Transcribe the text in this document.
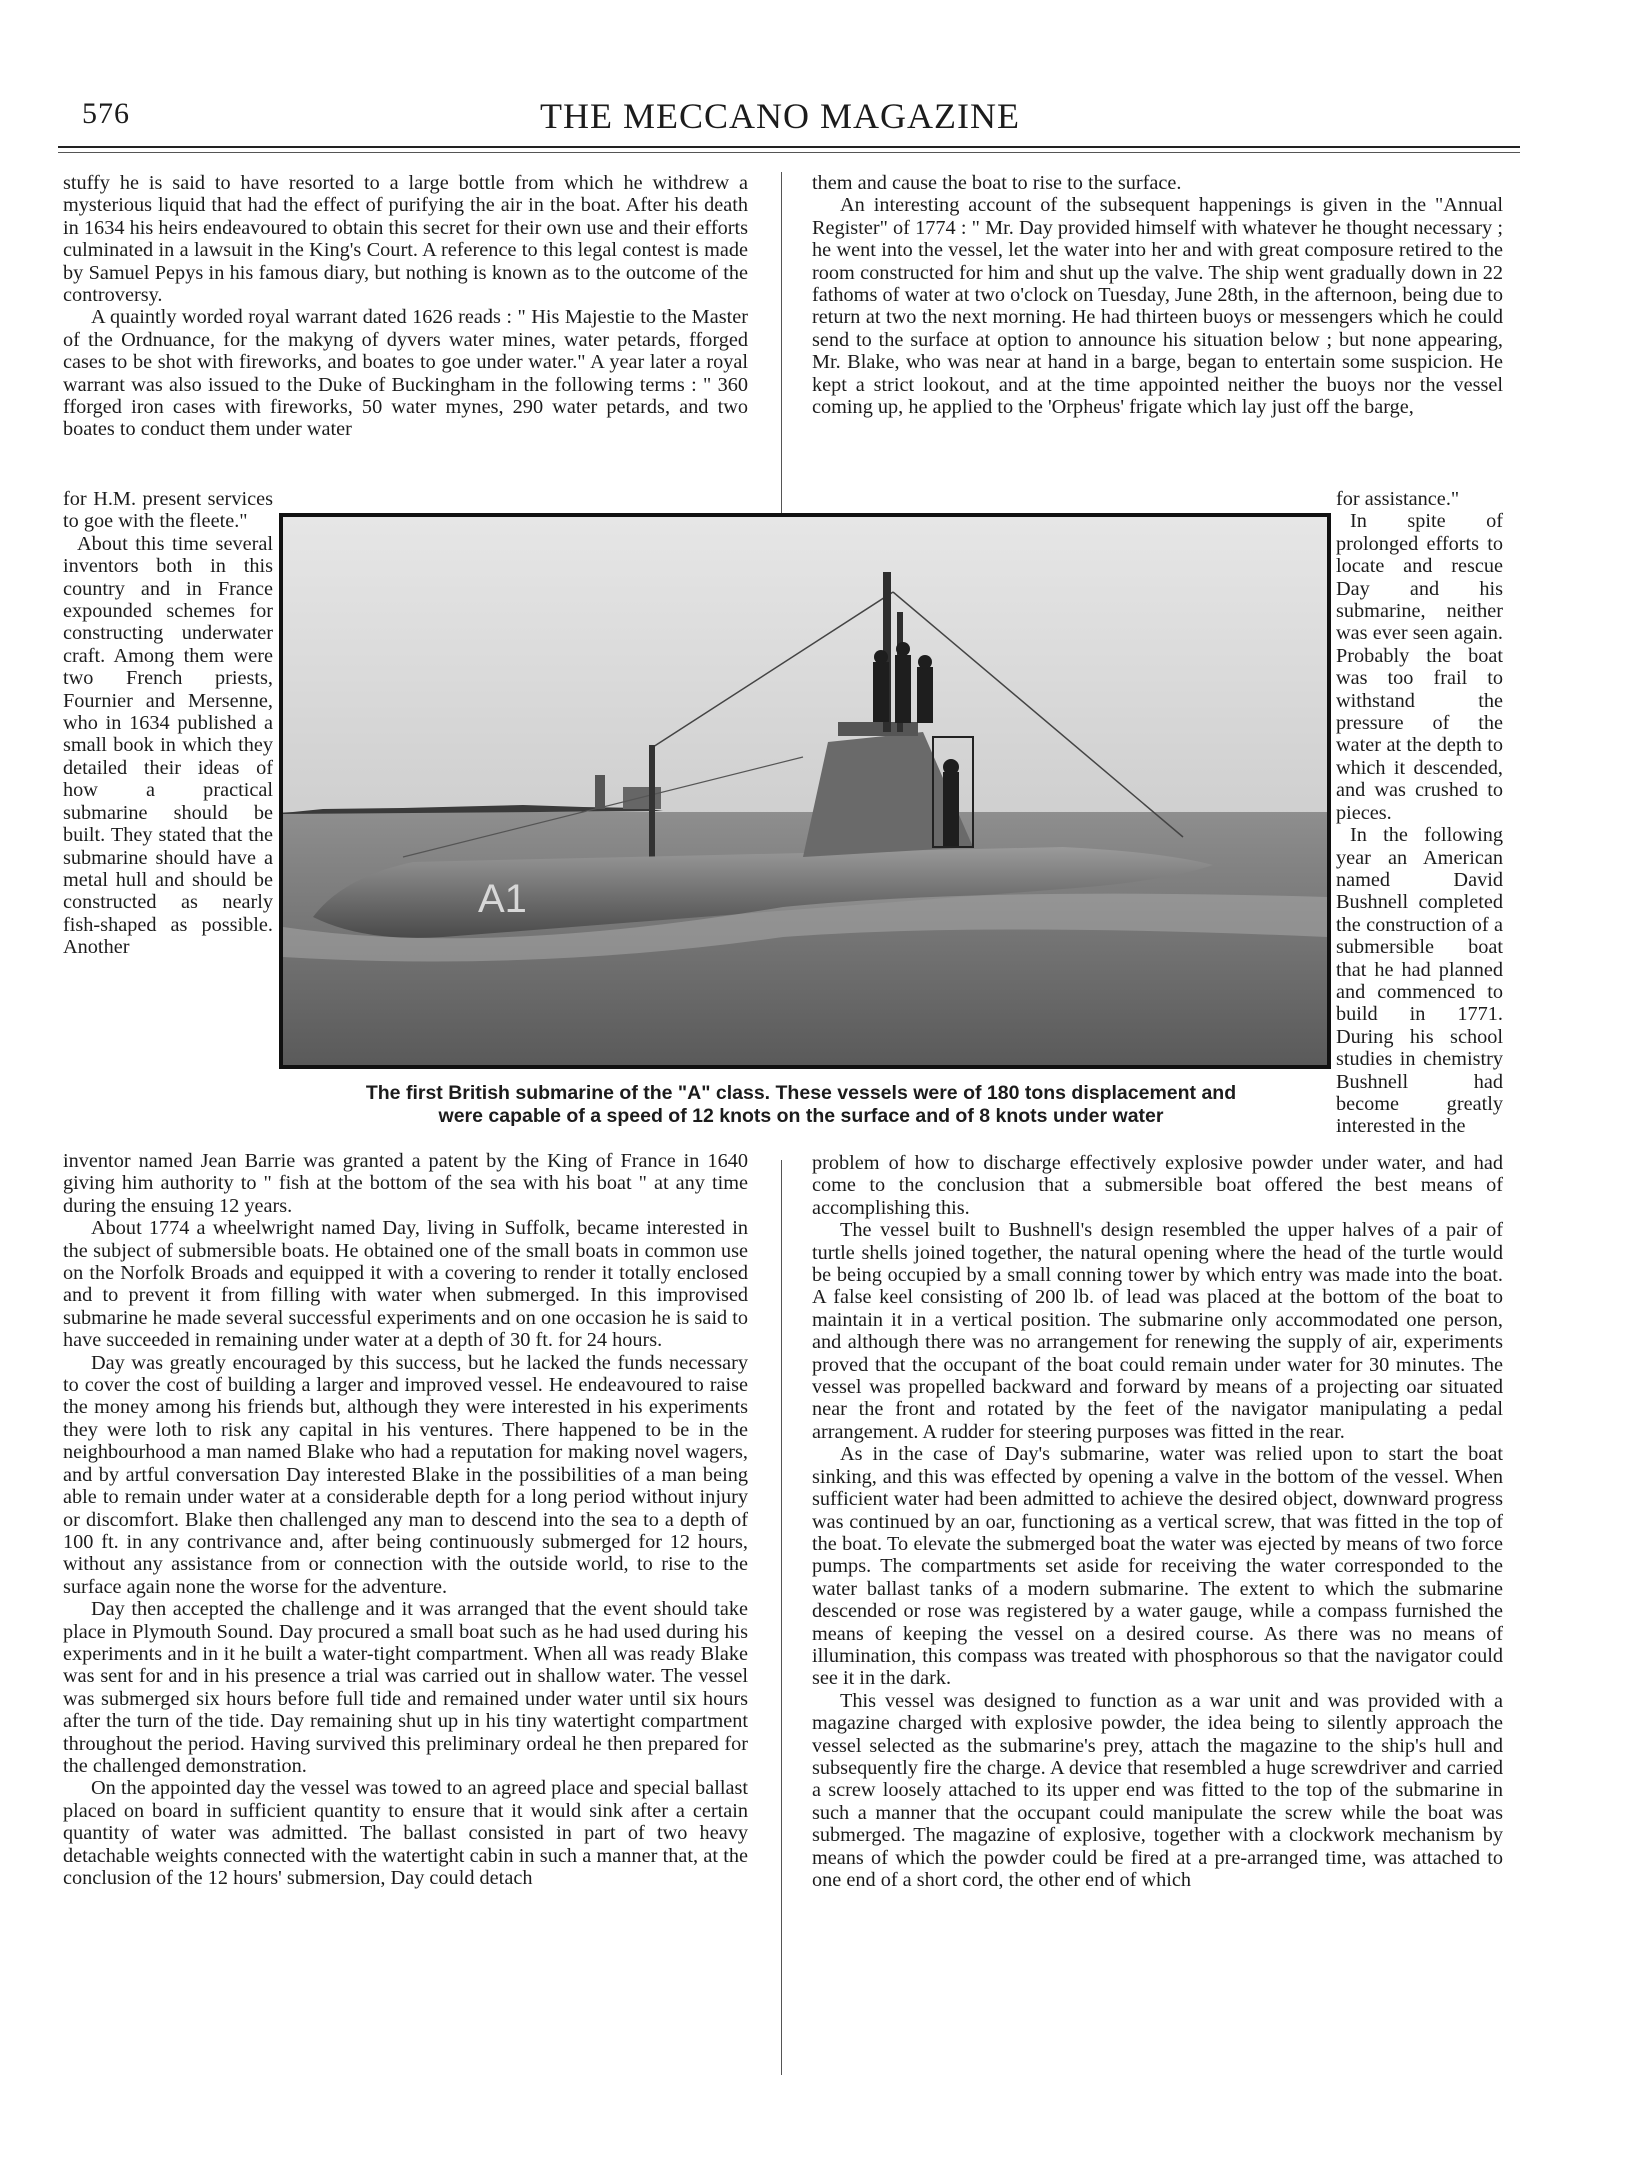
576	THE MECCANO MAGAZINE

stuffy he is said to have resorted to a large bottle from which he withdrew a mysterious liquid that had the effect of purifying the air in the boat. After his death in 1634 his heirs endeavoured to obtain this secret for their own use and their efforts culminated in a lawsuit in the King's Court. A reference to this legal contest is made by Samuel Pepys in his famous diary, but nothing is known as to the outcome of the controversy.

A quaintly worded royal warrant dated 1626 reads : " His Majestie to the Master of the Ordnuance, for the makyng of dyvers water mines, water petards, fforged cases to be shot with fireworks, and boates to goe under water." A year later a royal warrant was also issued to the Duke of Buckingham in the following terms : " 360 fforged iron cases with fireworks, 50 water mynes, 290 water petards, and two boates to conduct them under water

for H.M. present services to goe with the fleete."

About this time several inventors both in this country and in France expounded schemes for constructing underwater craft. Among them were two French priests, Fournier and Mersenne, who in 1634 published a small book in which they detailed their ideas of how a practical submarine should be built. They stated that the submarine should have a metal hull and should be constructed as nearly fish-shaped as possible. Another

A1
The first British submarine of the "A" class. These vessels were of 180 tons displacement and
were capable of a speed of 12 knots on the surface and of 8 knots under water

inventor named Jean Barrie was granted a patent by the King of France in 1640 giving him authority to " fish at the bottom of the sea with his boat " at any time during the ensuing 12 years.

About 1774 a wheelwright named Day, living in Suffolk, became interested in the subject of submersible boats. He obtained one of the small boats in common use on the Norfolk Broads and equipped it with a covering to render it totally enclosed and to prevent it from filling with water when submerged. In this improvised submarine he made several successful experiments and on one occasion he is said to have succeeded in remaining under water at a depth of 30 ft. for 24 hours.

Day was greatly encouraged by this success, but he lacked the funds necessary to cover the cost of building a larger and improved vessel. He endeavoured to raise the money among his friends but, although they were interested in his experiments they were loth to risk any capital in his ventures. There happened to be in the neighbourhood a man named Blake who had a reputation for making novel wagers, and by artful conversation Day interested Blake in the possibilities of a man being able to remain under water at a considerable depth for a long period without injury or discomfort. Blake then challenged any man to descend into the sea to a depth of 100 ft. in any contrivance and, after being continuously submerged for 12 hours, without any assistance from or connection with the outside world, to rise to the surface again none the worse for the adventure.

Day then accepted the challenge and it was arranged that the event should take place in Plymouth Sound. Day procured a small boat such as he had used during his experiments and in it he built a water-tight compartment. When all was ready Blake was sent for and in his presence a trial was carried out in shallow water. The vessel was submerged six hours before full tide and remained under water until six hours after the turn of the tide. Day remaining shut up in his tiny watertight compartment throughout the period. Having survived this preliminary ordeal he then prepared for the challenged demonstration.

On the appointed day the vessel was towed to an agreed place and special ballast placed on board in sufficient quantity to ensure that it would sink after a certain quantity of water was admitted. The ballast consisted in part of two heavy detachable weights connected with the watertight cabin in such a manner that, at the conclusion of the 12 hours' submersion, Day could detach

them and cause the boat to rise to the surface.

An interesting account of the subsequent happenings is given in the "Annual Register" of 1774 : " Mr. Day provided himself with whatever he thought necessary ; he went into the vessel, let the water into her and with great composure retired to the room constructed for him and shut up the valve. The ship went gradually down in 22 fathoms of water at two o'clock on Tuesday, June 28th, in the afternoon, being due to return at two the next morning. He had thirteen buoys or messengers which he could send to the surface at option to announce his situation below ; but none appearing, Mr. Blake, who was near at hand in a barge, began to entertain some suspicion. He kept a strict lookout, and at the time appointed neither the buoys nor the vessel coming up, he applied to the 'Orpheus' frigate which lay just off the barge,

for assistance."

In spite of prolonged efforts to locate and rescue Day and his submarine, neither was ever seen again. Probably the boat was too frail to withstand the pressure of the water at the depth to which it descended, and was crushed to pieces.

In the following year an American named David Bushnell completed the construction of a submersible boat that he had planned and commenced to build in 1771. During his school studies in chemistry Bushnell had become greatly interested in the

problem of how to discharge effectively explosive powder under water, and had come to the conclusion that a submersible boat offered the best means of accomplishing this.

The vessel built to Bushnell's design resembled the upper halves of a pair of turtle shells joined together, the natural opening where the head of the turtle would be being occupied by a small conning tower by which entry was made into the boat. A false keel consisting of 200 lb. of lead was placed at the bottom of the boat to maintain it in a vertical position. The submarine only accommodated one person, and although there was no arrangement for renewing the supply of air, experiments proved that the occupant of the boat could remain under water for 30 minutes. The vessel was propelled backward and forward by means of a projecting oar situated near the front and rotated by the feet of the navigator manipulating a pedal arrangement. A rudder for steering purposes was fitted in the rear.

As in the case of Day's submarine, water was relied upon to start the boat sinking, and this was effected by opening a valve in the bottom of the vessel. When sufficient water had been admitted to achieve the desired object, downward progress was continued by an oar, functioning as a vertical screw, that was fitted in the top of the boat. To elevate the submerged boat the water was ejected by means of two force pumps. The compartments set aside for receiving the water corresponded to the water ballast tanks of a modern submarine. The extent to which the submarine descended or rose was registered by a water gauge, while a compass furnished the means of keeping the vessel on a desired course. As there was no means of illumination, this compass was treated with phosphorous so that the navigator could see it in the dark.

This vessel was designed to function as a war unit and was provided with a magazine charged with explosive powder, the idea being to silently approach the vessel selected as the submarine's prey, attach the magazine to the ship's hull and subsequently fire the charge. A device that resembled a huge screwdriver and carried a screw loosely attached to its upper end was fitted to the top of the submarine in such a manner that the occupant could manipulate the screw while the boat was submerged. The magazine of explosive, together with a clockwork mechanism by means of which the powder could be fired at a pre-arranged time, was attached to one end of a short cord, the other end of which
